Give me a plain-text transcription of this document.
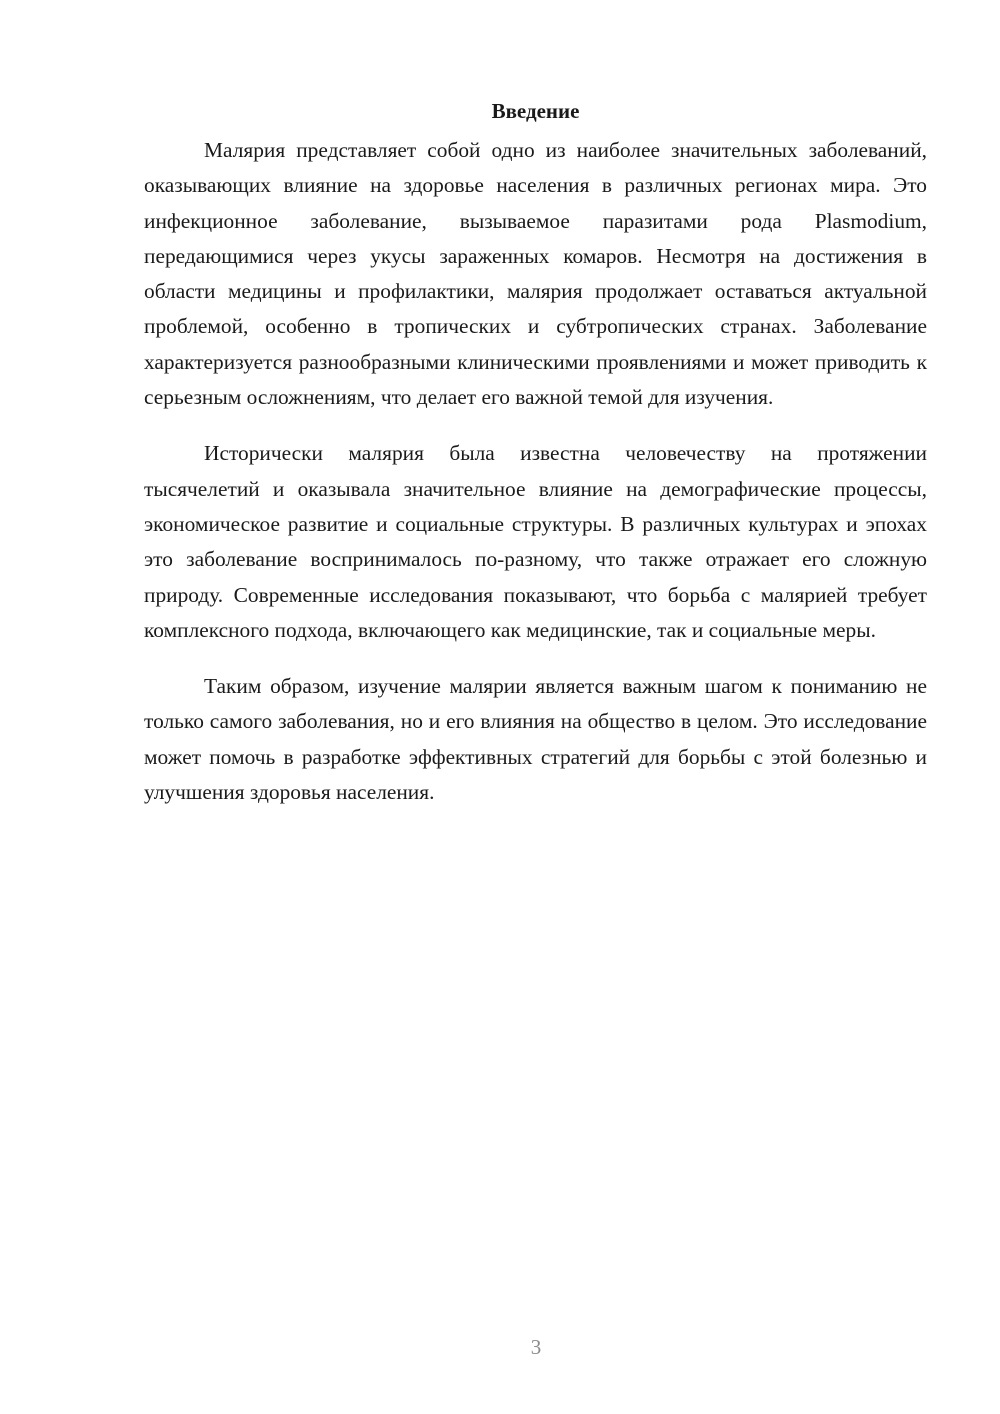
Введение

Малярия представляет собой одно из наиболее значительных заболеваний, оказывающих влияние на здоровье населения в различных регионах мира. Это инфекционное заболевание, вызываемое паразитами рода Plasmodium, передающимися через укусы зараженных комаров. Несмотря на достижения в области медицины и профилактики, малярия продолжает оставаться актуальной проблемой, особенно в тропических и субтропических странах. Заболевание характеризуется разнообразными клиническими проявлениями и может приводить к серьезным осложнениям, что делает его важной темой для изучения.

Исторически малярия была известна человечеству на протяжении тысячелетий и оказывала значительное влияние на демографические процессы, экономическое развитие и социальные структуры. В различных культурах и эпохах это заболевание воспринималось по-разному, что также отражает его сложную природу. Современные исследования показывают, что борьба с малярией требует комплексного подхода, включающего как медицинские, так и социальные меры.

Таким образом, изучение малярии является важным шагом к пониманию не только самого заболевания, но и его влияния на общество в целом. Это исследование может помочь в разработке эффективных стратегий для борьбы с этой болезнью и улучшения здоровья населения.

3
